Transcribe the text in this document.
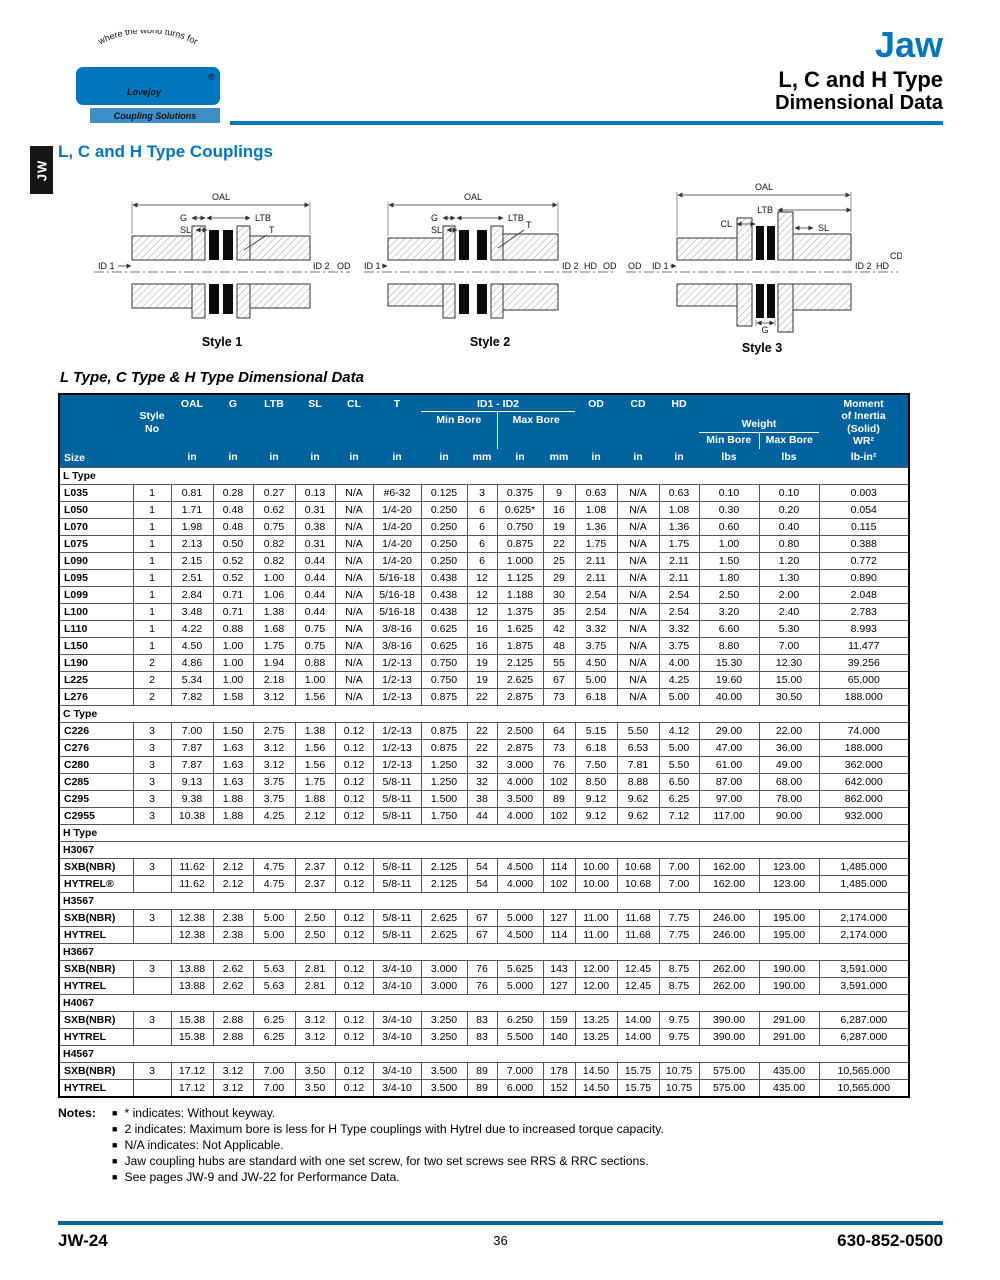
where the world turns for
Lovejoy
®
Coupling Solutions
Jaw
L, C and H Type
Dimensional Data
JW
L, C and H Type Couplings
OAL
G	LTB
SL	T
ID 1	ID 2 OD
Style 1
OAL
G	LTB
SL	T
ID 1	ID 2 HD OD
Style 2
OAL
LTB
CL	SL
OD ID 1	ID 2 HD
CD
G
Style 3
L Type, C Type & H Type Dimensional Data
Size	
Style
No
	OAL	G	LTB	SL	CL	T	ID1 - ID2	OD	CD	HD	Weight	
Moment
of Inertia
(Solid)
WR²

								Min Bore		Max Bore							
															Min Bore	Max Bore	
		in	in	in	in	in	in	in	mm	in	mm	in	in	in	lbs	lbs	lb-in²
L Type																	
L035	1	0.81	0.28	0.27	0.13	N/A	#6-32	0.125	3	0.375	9	0.63	N/A	0.63	0.10	0.10	0.003
L050	1	1.71	0.48	0.62	0.31	N/A	1/4-20	0.250	6	0.625*	16	1.08	N/A	1.08	0.30	0.20	0.054
L070	1	1.98	0.48	0.75	0.38	N/A	1/4-20	0.250	6	0.750	19	1.36	N/A	1.36	0.60	0.40	0.115
L075	1	2.13	0.50	0.82	0.31	N/A	1/4-20	0.250	6	0.875	22	1.75	N/A	1.75	1.00	0.80	0.388
L090	1	2.15	0.52	0.82	0.44	N/A	1/4-20	0.250	6	1.000	25	2.11	N/A	2.11	1.50	1.20	0.772
L095	1	2.51	0.52	1.00	0.44	N/A	5/16-18	0.438	12	1.125	29	2.11	N/A	2.11	1.80	1.30	0.890
L099	1	2.84	0.71	1.06	0.44	N/A	5/16-18	0.438	12	1.188	30	2.54	N/A	2.54	2.50	2.00	2.048
L100	1	3.48	0.71	1.38	0.44	N/A	5/16-18	0.438	12	1.375	35	2.54	N/A	2.54	3.20	2.40	2.783
L110	1	4.22	0.88	1.68	0.75	N/A	3/8-16	0.625	16	1.625	42	3.32	N/A	3.32	6.60	5.30	8.993
L150	1	4.50	1.00	1.75	0.75	N/A	3/8-16	0.625	16	1.875	48	3.75	N/A	3.75	8.80	7.00	11.477
L190	2	4.86	1.00	1.94	0.88	N/A	1/2-13	0.750	19	2.125	55	4.50	N/A	4.00	15.30	12.30	39.256
L225	2	5.34	1.00	2.18	1.00	N/A	1/2-13	0.750	19	2.625	67	5.00	N/A	4.25	19.60	15.00	65.000
L276	2	7.82	1.58	3.12	1.56	N/A	1/2-13	0.875	22	2.875	73	6.18	N/A	5.00	40.00	30.50	188.000
C Type																	
C226	3	7.00	1.50	2.75	1.38	0.12	1/2-13	0.875	22	2.500	64	5.15	5.50	4.12	29.00	22.00	74.000
C276	3	7.87	1.63	3.12	1.56	0.12	1/2-13	0.875	22	2.875	73	6.18	6.53	5.00	47.00	36.00	188.000
C280	3	7.87	1.63	3.12	1.56	0.12	1/2-13	1.250	32	3.000	76	7.50	7.81	5.50	61.00	49.00	362.000
C285	3	9.13	1.63	3.75	1.75	0.12	5/8-11	1.250	32	4.000	102	8.50	8.88	6.50	87.00	68.00	642.000
C295	3	9.38	1.88	3.75	1.88	0.12	5/8-11	1.500	38	3.500	89	9.12	9.62	6.25	97.00	78.00	862.000
C2955	3	10.38	1.88	4.25	2.12	0.12	5/8-11	1.750	44	4.000	102	9.12	9.62	7.12	117.00	90.00	932.000
H Type																	
H3067																	
SXB(NBR)	3	11.62	2.12	4.75	2.37	0.12	5/8-11	2.125	54	4.500	114	10.00	10.68	7.00	162.00	123.00	1,485.000
HYTREL®		11.62	2.12	4.75	2.37	0.12	5/8-11	2.125	54	4.000	102	10.00	10.68	7.00	162.00	123.00	1,485.000
H3567																	
SXB(NBR)	3	12.38	2.38	5.00	2.50	0.12	5/8-11	2.625	67	5.000	127	11.00	11.68	7.75	246.00	195.00	2,174.000
HYTREL		12.38	2.38	5.00	2.50	0.12	5/8-11	2.625	67	4.500	114	11.00	11.68	7.75	246.00	195.00	2,174.000
H3667																	
SXB(NBR)	3	13.88	2.62	5.63	2.81	0.12	3/4-10	3.000	76	5.625	143	12.00	12.45	8.75	262.00	190.00	3,591.000
HYTREL		13.88	2.62	5.63	2.81	0.12	3/4-10	3.000	76	5.000	127	12.00	12.45	8.75	262.00	190.00	3,591.000
H4067																	
SXB(NBR)	3	15.38	2.88	6.25	3.12	0.12	3/4-10	3.250	83	6.250	159	13.25	14.00	9.75	390.00	291.00	6,287.000
HYTREL		15.38	2.88	6.25	3.12	0.12	3/4-10	3.250	83	5.500	140	13.25	14.00	9.75	390.00	291.00	6,287.000
H4567																	
SXB(NBR)	3	17.12	3.12	7.00	3.50	0.12	3/4-10	3.500	89	7.000	178	14.50	15.75	10.75	575.00	435.00	10,565.000
HYTREL		17.12	3.12	7.00	3.50	0.12	3/4-10	3.500	89	6.000	152	14.50	15.75	10.75	575.00	435.00	10,565.000
Notes:	■ * indicates: Without keyway.
■ 2 indicates: Maximum bore is less for H Type couplings with Hytrel due to increased torque capacity.
■ N/A indicates: Not Applicable.
■ Jaw coupling hubs are standard with one set screw, for two set screws see RRS & RRC sections.
■ See pages JW-9 and JW-22 for Performance Data.
JW-24	36	630-852-0500
